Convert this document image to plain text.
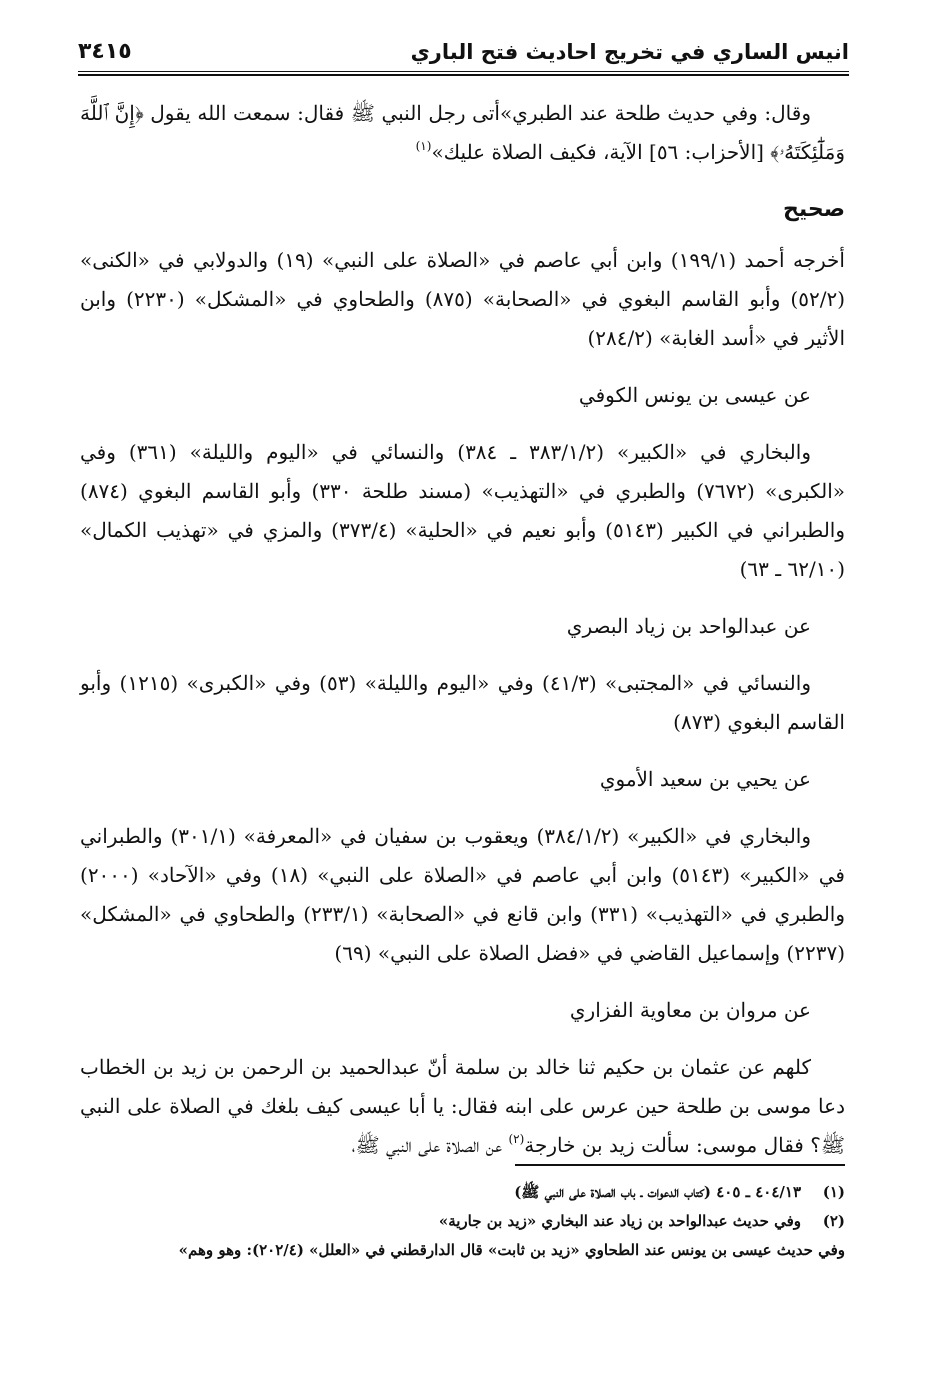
انيس الساري في تخريج احاديث فتح الباري
٣٤١٥

وقال: وفي حديث طلحة عند الطبري»أتى رجل النبي ﷺ فقال: سمعت الله يقول ﴿إِنَّ ٱللَّهَ وَمَلَٰٓئِكَتَهُۥ﴾ [الأحزاب: ٥٦] الآية، فكيف الصلاة عليك»$^{(١)}$

صحيح

أخرجه أحمد (١٩٩/١) وابن أبي عاصم في «الصلاة على النبي» (١٩) والدولابي في «الكنى» (٥٢/٢) وأبو القاسم البغوي في «الصحابة» (٨٧٥) والطحاوي في «المشكل» (٢٢٣٠) وابن الأثير في «أسد الغابة» (٢٨٤/٢)

عن عيسى بن يونس الكوفي

والبخاري في «الكبير» (٣٨٣/١/٢ ـ ٣٨٤) والنسائي في «اليوم والليلة» (٣٦١) وفي «الكبرى» (٧٦٧٢) والطبري في «التهذيب» (مسند طلحة ٣٣٠) وأبو القاسم البغوي (٨٧٤) والطبراني في الكبير (٥١٤٣) وأبو نعيم في «الحلية» (٣٧٣/٤) والمزي في «تهذيب الكمال» (٦٢/١٠ ـ ٦٣)

عن عبدالواحد بن زياد البصري

والنسائي في «المجتبى» (٤١/٣) وفي «اليوم والليلة» (٥٣) وفي «الكبرى» (١٢١٥) وأبو القاسم البغوي (٨٧٣)

عن يحيي بن سعيد الأموي

والبخاري في «الكبير» (٣٨٤/١/٢) ويعقوب بن سفيان في «المعرفة» (٣٠١/١) والطبراني في «الكبير» (٥١٤٣) وابن أبي عاصم في «الصلاة على النبي» (١٨) وفي «الآحاد» (٢٠٠٠) والطبري في «التهذيب» (٣٣١) وابن قانع في «الصحابة» (٢٣٣/١) والطحاوي في «المشكل» (٢٢٣٧) وإسماعيل القاضي في «فضل الصلاة على النبي» (٦٩)

عن مروان بن معاوية الفزاري

كلهم عن عثمان بن حكيم ثنا خالد بن سلمة أنّ عبدالحميد بن الرحمن بن زيد بن الخطاب دعا موسى بن طلحة حين عرس على ابنه فقال: يا أبا عيسى كيف بلغك في الصلاة على النبي ﷺ؟ فقال موسى: سألت زيد بن خارجة$^{(٢)}$ عن الصلاة على النبي ﷺ،

(١)
٤٠٤/١٣ ـ ٤٠٥ (كتاب الدعوات ـ باب الصلاة على النبي ﷺ)
(٢)
وفي حديث عبدالواحد بن زياد عند البخاري «زيد بن جارية»
وفي حديث عيسى بن يونس عند الطحاوي «زيد بن ثابت» قال الدارقطني في «العلل» (٢٠٢/٤): وهو وهم»
